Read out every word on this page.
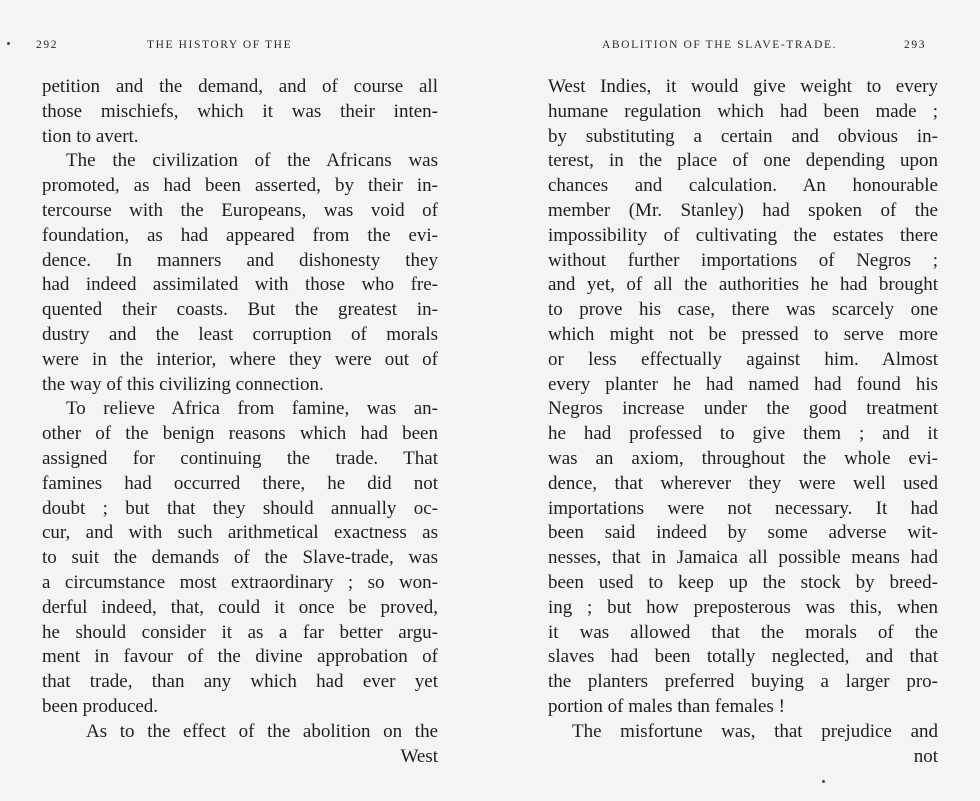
292	THE HISTORY OF THE
petition and the demand, and of course all
those mischiefs, which it was their inten-
tion to avert.
The the civilization of the Africans was
promoted, as had been asserted, by their in-
tercourse with the Europeans, was void of
foundation, as had appeared from the evi-
dence. In manners and dishonesty they
had indeed assimilated with those who fre-
quented their coasts. But the greatest in-
dustry and the least corruption of morals
were in the interior, where they were out of
the way of this civilizing connection.
To relieve Africa from famine, was an-
other of the benign reasons which had been
assigned for continuing the trade. That
famines had occurred there, he did not
doubt ; but that they should annually oc-
cur, and with such arithmetical exactness as
to suit the demands of the Slave-trade, was
a circumstance most extraordinary ; so won-
derful indeed, that, could it once be proved,
he should consider it as a far better argu-
ment in favour of the divine approbation of
that trade, than any which had ever yet
been produced.
As to the effect of the abolition on the
West
ABOLITION OF THE SLAVE-TRADE.	293
West Indies, it would give weight to every
humane regulation which had been made ;
by substituting a certain and obvious in-
terest, in the place of one depending upon
chances and calculation. An honourable
member (Mr. Stanley) had spoken of the
impossibility of cultivating the estates there
without further importations of Negros ;
and yet, of all the authorities he had brought
to prove his case, there was scarcely one
which might not be pressed to serve more
or less effectually against him. Almost
every planter he had named had found his
Negros increase under the good treatment
he had professed to give them ; and it
was an axiom, throughout the whole evi-
dence, that wherever they were well used
importations were not necessary. It had
been said indeed by some adverse wit-
nesses, that in Jamaica all possible means had
been used to keep up the stock by breed-
ing ; but how preposterous was this, when
it was allowed that the morals of the
slaves had been totally neglected, and that
the planters preferred buying a larger pro-
portion of males than females !
The misfortune was, that prejudice and
not
